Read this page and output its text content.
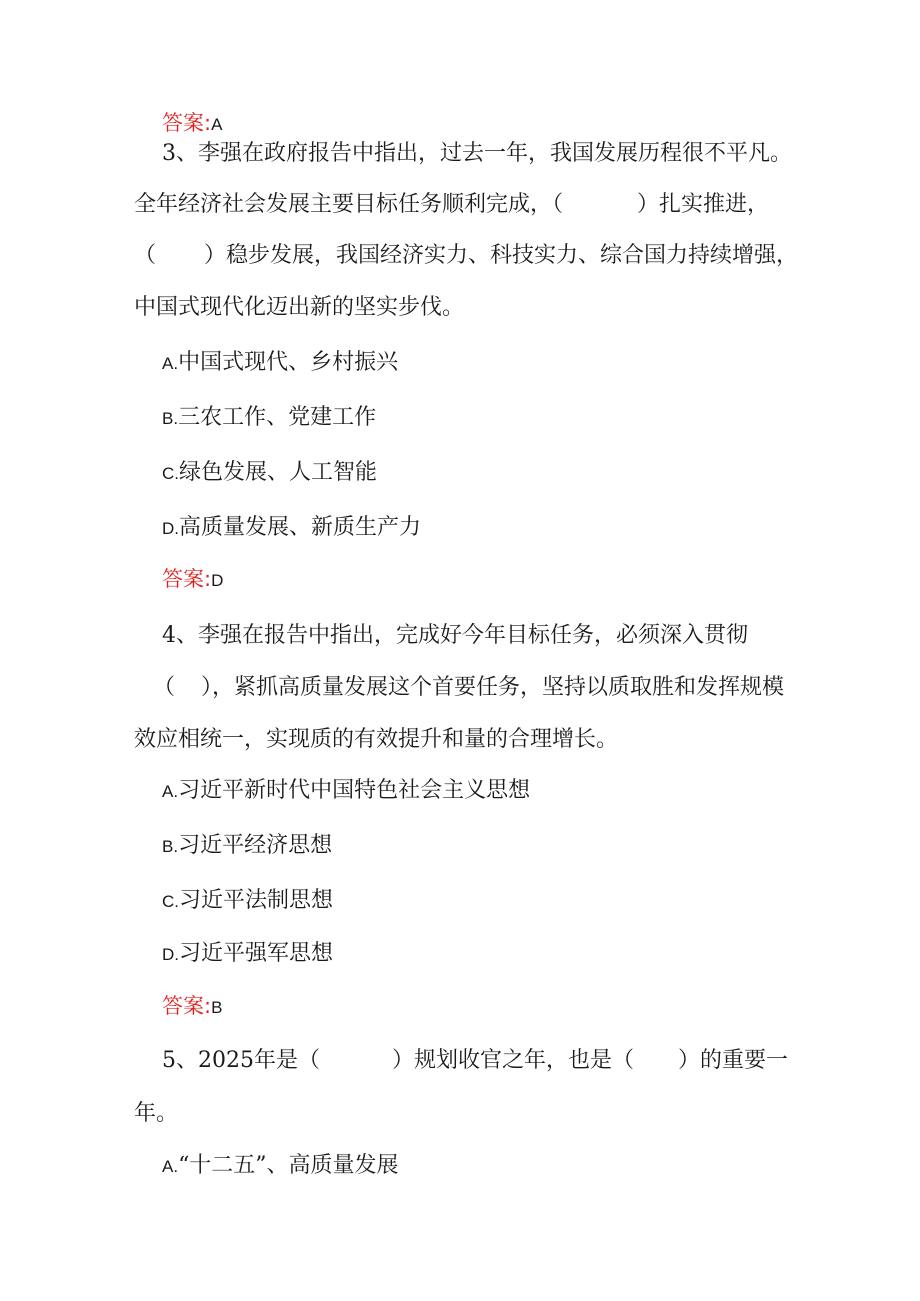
答案:A
3、李强在政府报告中指出，过去一年，我国发展历程很不平凡。
全年经济社会发展主要目标任务顺利完成，（	）扎实推进，
（ ）稳步发展，我国经济实力、科技实力、综合国力持续增强，
中国式现代化迈出新的坚实步伐。
A.中国式现代、乡村振兴
B.三农工作、党建工作
C.绿色发展、人工智能
D.高质量发展、新质生产力
答案:D
4、李强在报告中指出，完成好今年目标任务，必须深入贯彻
（ ），紧抓高质量发展这个首要任务，坚持以质取胜和发挥规模
效应相统一，实现质的有效提升和量的合理增长。
A.习近平新时代中国特色社会主义思想
B.习近平经济思想
C.习近平法制思想
D.习近平强军思想
答案:B
5、2025年是（	）规划收官之年，也是（ ）的重要一
年。
A.“十二五”、高质量发展
